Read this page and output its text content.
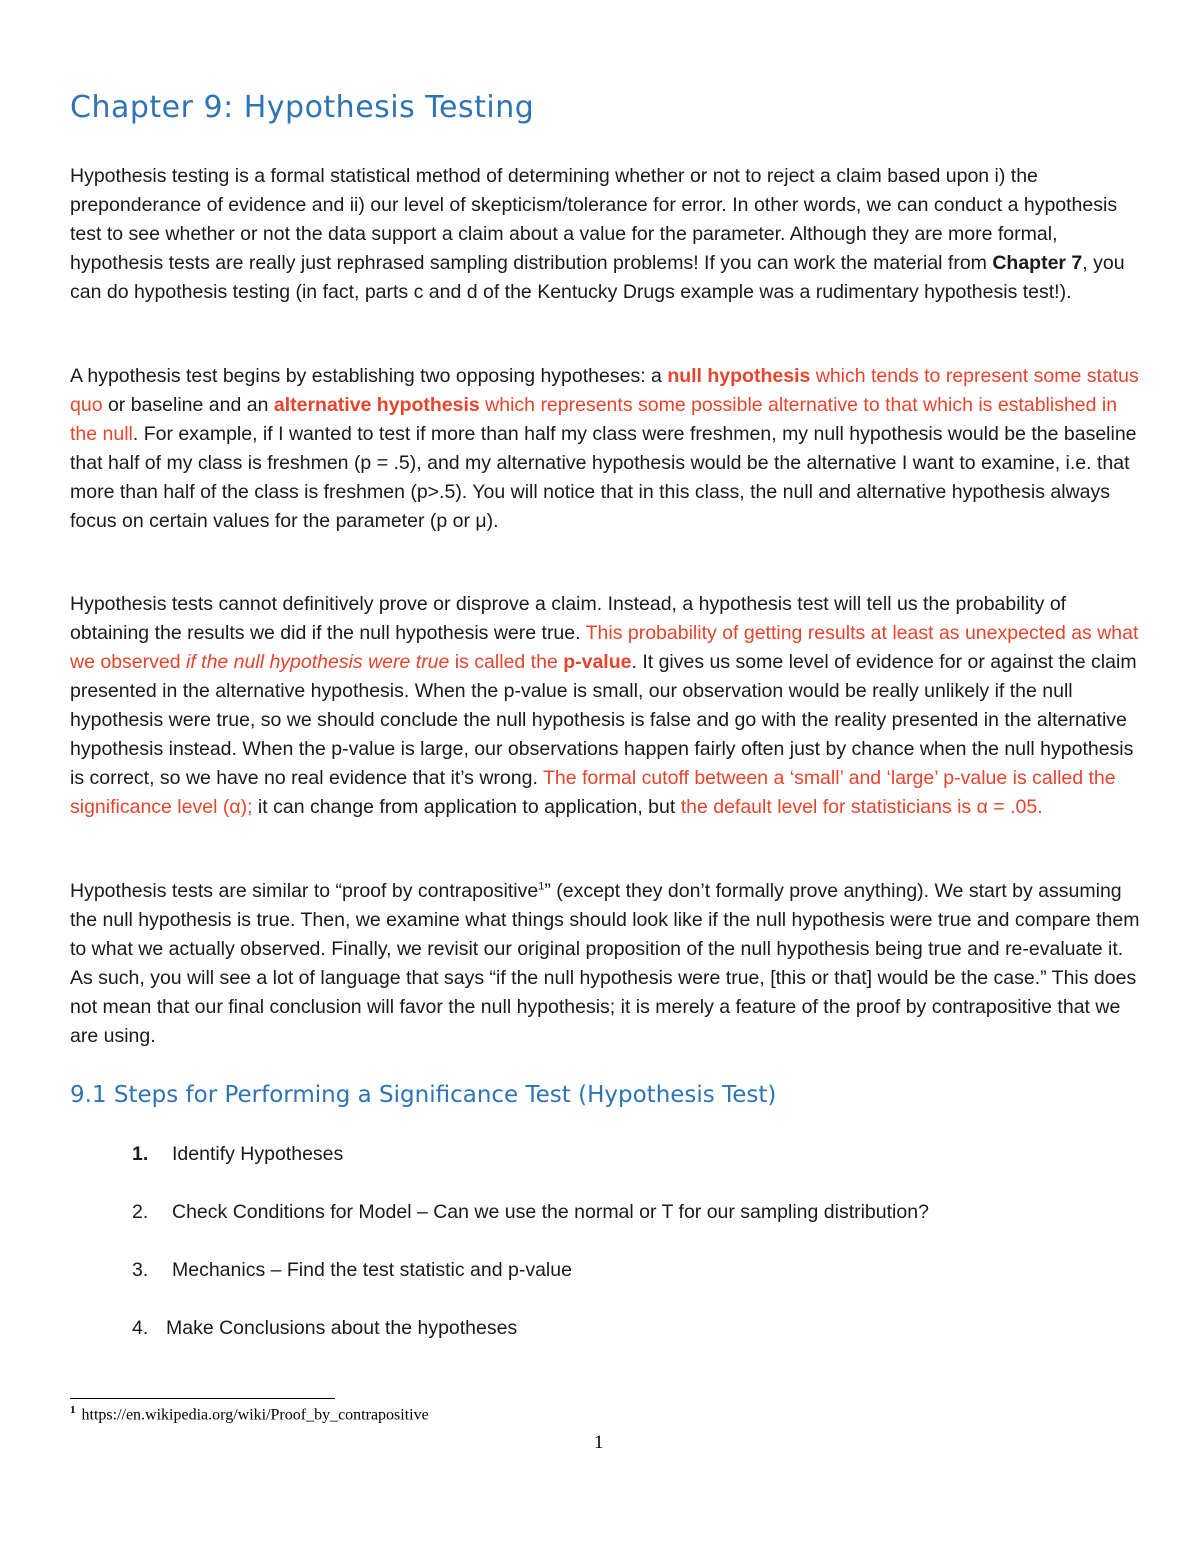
Chapter 9: Hypothesis Testing

Hypothesis testing is a formal statistical method of determining whether or not to reject a claim based upon i) the preponderance of evidence and ii) our level of skepticism/tolerance for error. In other words, we can conduct a hypothesis test to see whether or not the data support a claim about a value for the parameter. Although they are more formal, hypothesis tests are really just rephrased sampling distribution problems! If you can work the material from Chapter 7, you can do hypothesis testing (in fact, parts c and d of the Kentucky Drugs example was a rudimentary hypothesis test!).

A hypothesis test begins by establishing two opposing hypotheses: a null hypothesis which tends to represent some status quo or baseline and an alternative hypothesis which represents some possible alternative to that which is established in the null. For example, if I wanted to test if more than half my class were freshmen, my null hypothesis would be the baseline that half of my class is freshmen (p = .5), and my alternative hypothesis would be the alternative I want to examine, i.e. that more than half of the class is freshmen (p>.5). You will notice that in this class, the null and alternative hypothesis always focus on certain values for the parameter (p or μ).

Hypothesis tests cannot definitively prove or disprove a claim. Instead, a hypothesis test will tell us the probability of obtaining the results we did if the null hypothesis were true. This probability of getting results at least as unexpected as what we observed if the null hypothesis were true is called the p-value. It gives us some level of evidence for or against the claim presented in the alternative hypothesis. When the p-value is small, our observation would be really unlikely if the null hypothesis were true, so we should conclude the null hypothesis is false and go with the reality presented in the alternative hypothesis instead. When the p-value is large, our observations happen fairly often just by chance when the null hypothesis is correct, so we have no real evidence that it’s wrong. The formal cutoff between a ‘small’ and ‘large’ p-value is called the significance level (α); it can change from application to application, but the default level for statisticians is α = .05.

Hypothesis tests are similar to “proof by contrapositive$^1$” (except they don’t formally prove anything). We start by assuming the null hypothesis is true. Then, we examine what things should look like if the null hypothesis were true and compare them to what we actually observed. Finally, we revisit our original proposition of the null hypothesis being true and re-evaluate it. As such, you will see a lot of language that says “if the null hypothesis were true, [this or that] would be the case.” This does not mean that our final conclusion will favor the null hypothesis; it is merely a feature of the proof by contrapositive that we are using.

9.1 Steps for Performing a Significance Test (Hypothesis Test)
1. Identify Hypotheses
2. Check Conditions for Model – Can we use the normal or T for our sampling distribution?
3. Mechanics – Find the test statistic and p-value
4. Make Conclusions about the hypotheses
$^1$ https://en.wikipedia.org/wiki/Proof_by_contrapositive
1
